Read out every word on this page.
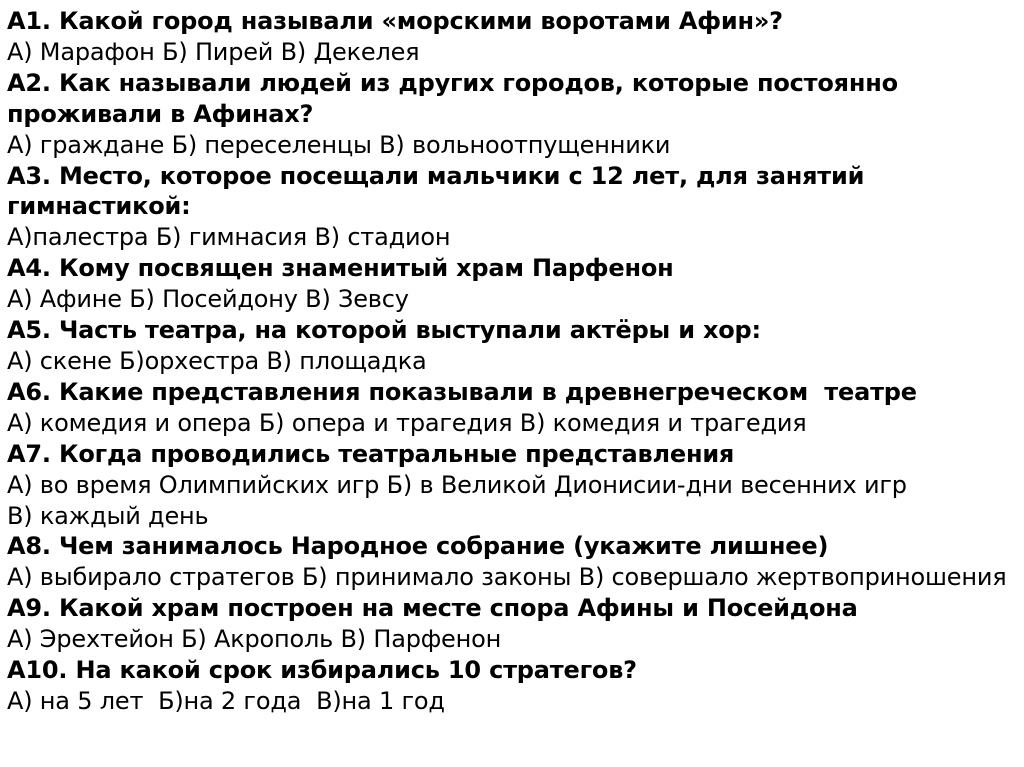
А1. Какой город называли «морскими воротами Афин»?
А) Марафон Б) Пирей В) Декелея
А2. Как называли людей из других городов, которые постоянно
проживали в Афинах?
А) граждане Б) переселенцы В) вольноотпущенники
А3. Место, которое посещали мальчики с 12 лет, для занятий
гимнастикой:
А)палестра Б) гимнасия В) стадион
А4. Кому посвящен знаменитый храм Парфенон
А) Афине Б) Посейдону В) Зевсу
А5. Часть театра, на которой выступали актёры и хор:
А) скене Б)орхестра В) площадка
А6. Какие представления показывали в древнегреческом  театре
А) комедия и опера Б) опера и трагедия В) комедия и трагедия
А7. Когда проводились театральные представления
А) во время Олимпийских игр Б) в Великой Дионисии-дни весенних игр
В) каждый день
А8. Чем занималось Народное собрание (укажите лишнее)
А) выбирало стратегов Б) принимало законы В) совершало жертвоприношения
А9. Какой храм построен на месте спора Афины и Посейдона
А) Эрехтейон Б) Акрополь В) Парфенон
А10. На какой срок избирались 10 стратегов?
А) на 5 лет  Б)на 2 года  В)на 1 год
